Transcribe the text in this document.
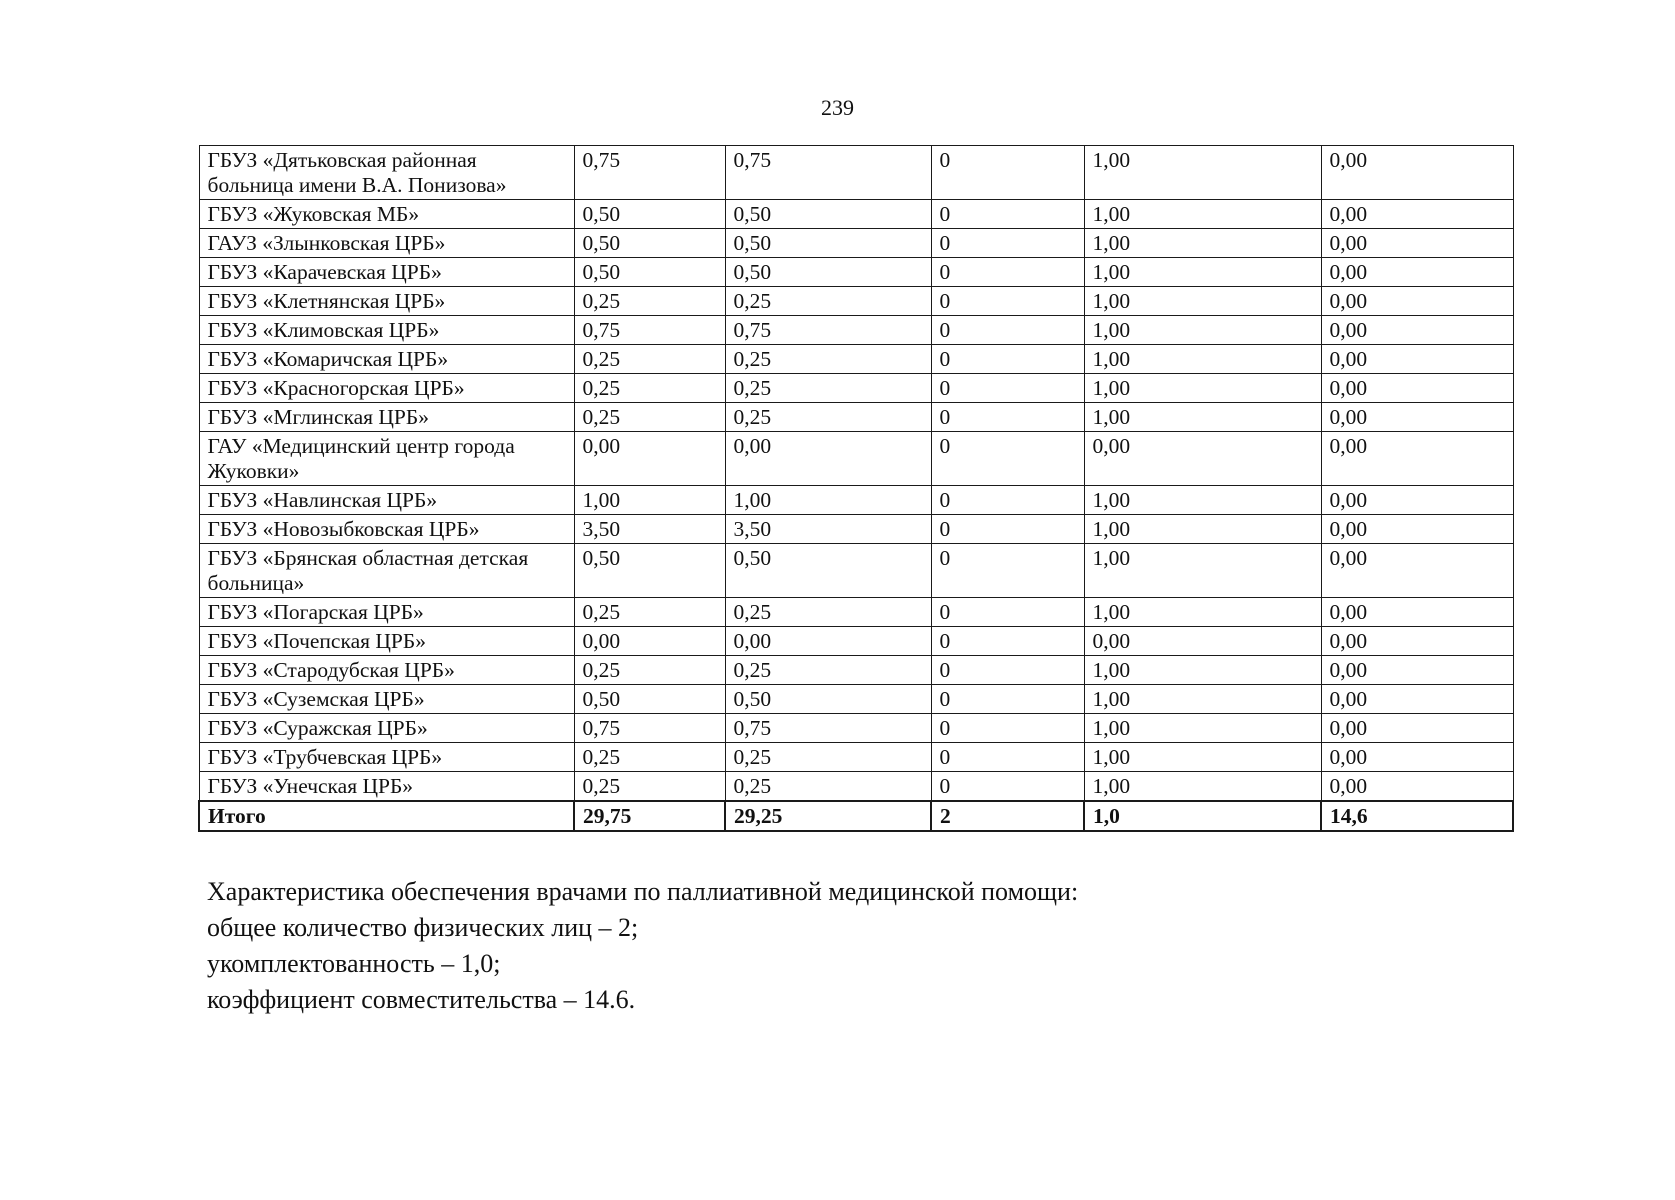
239
ГБУЗ «Дятьковская районная больница имени В.А. Понизова»	0,75	0,75	0	1,00	0,00
ГБУЗ «Жуковская МБ»	0,50	0,50	0	1,00	0,00
ГАУЗ «Злынковская ЦРБ»	0,50	0,50	0	1,00	0,00
ГБУЗ «Карачевская ЦРБ»	0,50	0,50	0	1,00	0,00
ГБУЗ «Клетнянская ЦРБ»	0,25	0,25	0	1,00	0,00
ГБУЗ «Климовская ЦРБ»	0,75	0,75	0	1,00	0,00
ГБУЗ «Комаричская ЦРБ»	0,25	0,25	0	1,00	0,00
ГБУЗ «Красногорская ЦРБ»	0,25	0,25	0	1,00	0,00
ГБУЗ «Мглинская ЦРБ»	0,25	0,25	0	1,00	0,00
ГАУ «Медицинский центр города Жуковки»	0,00	0,00	0	0,00	0,00
ГБУЗ «Навлинская ЦРБ»	1,00	1,00	0	1,00	0,00
ГБУЗ «Новозыбковская ЦРБ»	3,50	3,50	0	1,00	0,00
ГБУЗ «Брянская областная детская больница»	0,50	0,50	0	1,00	0,00
ГБУЗ «Погарская ЦРБ»	0,25	0,25	0	1,00	0,00
ГБУЗ «Почепская ЦРБ»	0,00	0,00	0	0,00	0,00
ГБУЗ «Стародубская ЦРБ»	0,25	0,25	0	1,00	0,00
ГБУЗ «Суземская ЦРБ»	0,50	0,50	0	1,00	0,00
ГБУЗ «Суражская ЦРБ»	0,75	0,75	0	1,00	0,00
ГБУЗ «Трубчевская ЦРБ»	0,25	0,25	0	1,00	0,00
ГБУЗ «Унечская ЦРБ»	0,25	0,25	0	1,00	0,00
Итого	29,75	29,25	2	1,0	14,6

Характеристика обеспечения врачами по паллиативной медицинской помощи:

общее количество физических лиц – 2;

укомплектованность – 1,0;

коэффициент совместительства – 14.6.
